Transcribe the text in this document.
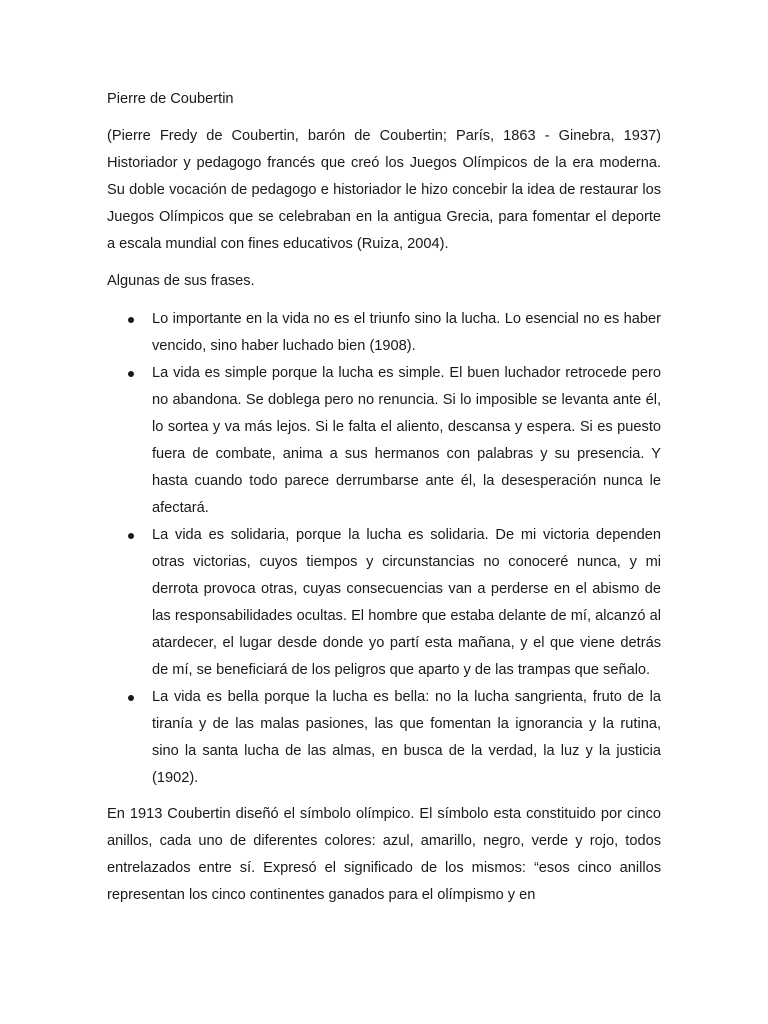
Pierre de Coubertin

(Pierre Fredy de Coubertin, barón de Coubertin; París, 1863 - Ginebra, 1937) Historiador y pedagogo francés que creó los Juegos Olímpicos de la era moderna. Su doble vocación de pedagogo e historiador le hizo concebir la idea de restaurar los Juegos Olímpicos que se celebraban en la antigua Grecia, para fomentar el deporte a escala mundial con fines educativos (Ruiza, 2004).

Algunas de sus frases.

Lo importante en la vida no es el triunfo sino la lucha. Lo esencial no es haber vencido, sino haber luchado bien (1908).
La vida es simple porque la lucha es simple. El buen luchador retrocede pero no abandona. Se doblega pero no renuncia. Si lo imposible se levanta ante él, lo sortea y va más lejos. Si le falta el aliento, descansa y espera. Si es puesto fuera de combate, anima a sus hermanos con palabras y su presencia. Y hasta cuando todo parece derrumbarse ante él, la desesperación nunca le afectará.
La vida es solidaria, porque la lucha es solidaria. De mi victoria dependen otras victorias, cuyos tiempos y circunstancias no conoceré nunca, y mi derrota provoca otras, cuyas consecuencias van a perderse en el abismo de las responsabilidades ocultas. El hombre que estaba delante de mí, alcanzó al atardecer, el lugar desde donde yo partí esta mañana, y el que viene detrás de mí, se beneficiará de los peligros que aparto y de las trampas que señalo.
La vida es bella porque la lucha es bella: no la lucha sangrienta, fruto de la tiranía y de las malas pasiones, las que fomentan la ignorancia y la rutina, sino la santa lucha de las almas, en busca de la verdad, la luz y la justicia (1902).

En 1913 Coubertin diseñó el símbolo olímpico. El símbolo esta constituido por cinco anillos, cada uno de diferentes colores: azul, amarillo, negro, verde y rojo, todos entrelazados entre sí. Expresó el significado de los mismos: “esos cinco anillos representan los cinco continentes ganados para el olímpismo y en
